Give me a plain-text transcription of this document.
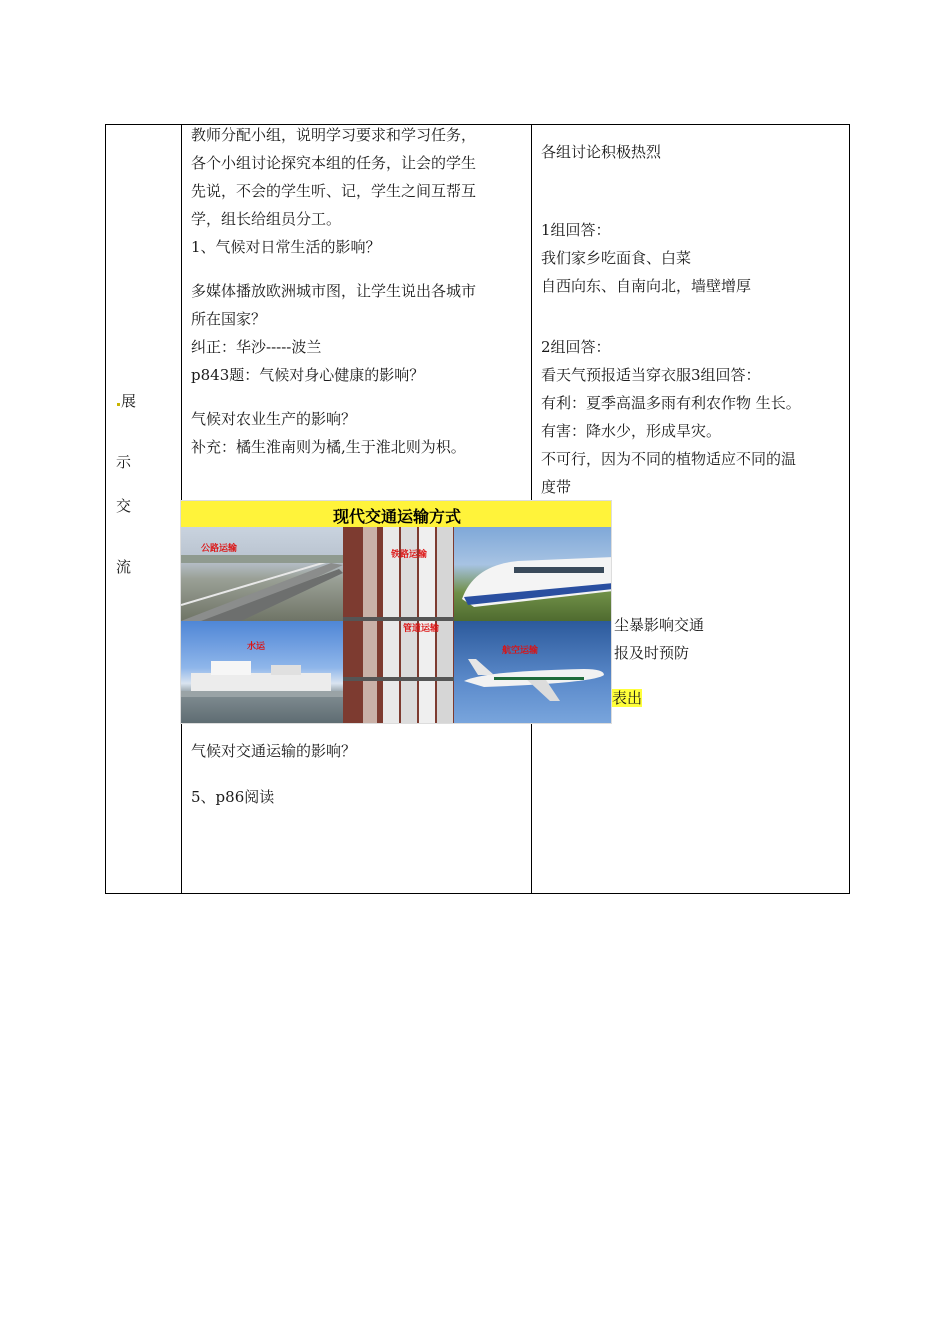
展
示
交
流
教师分配小组，说明学习要求和学习任务，
各个小组讨论探究本组的任务，让会的学生
先说，不会的学生听、记，学生之间互帮互
学，组长给组员分工。
1、气候对日常生活的影响？
多媒体播放欧洲城市图，让学生说出各城市
所在国家？
纠正：华沙-----波兰
p843题：气候对身心健康的影响？
气候对农业生产的影响？
补充：橘生淮南则为橘,生于淮北则为枳。
气候对交通运输的影响？
5、p86阅读
各组讨论积极热烈
1组回答：
我们家乡吃面食、白菜
自西向东、自南向北，墙壁增厚
2组回答：
看天气预报适当穿衣服3组回答：
有利：夏季高温多雨有利农作物 生长。
有害：降水少，形成旱灾。
不可行，因为不同的植物适应不同的温
度带
尘暴影响交通
报及时预防
表出
现代交通运输方式
公路运输
铁路运输
管道运输
水运	航空运输
